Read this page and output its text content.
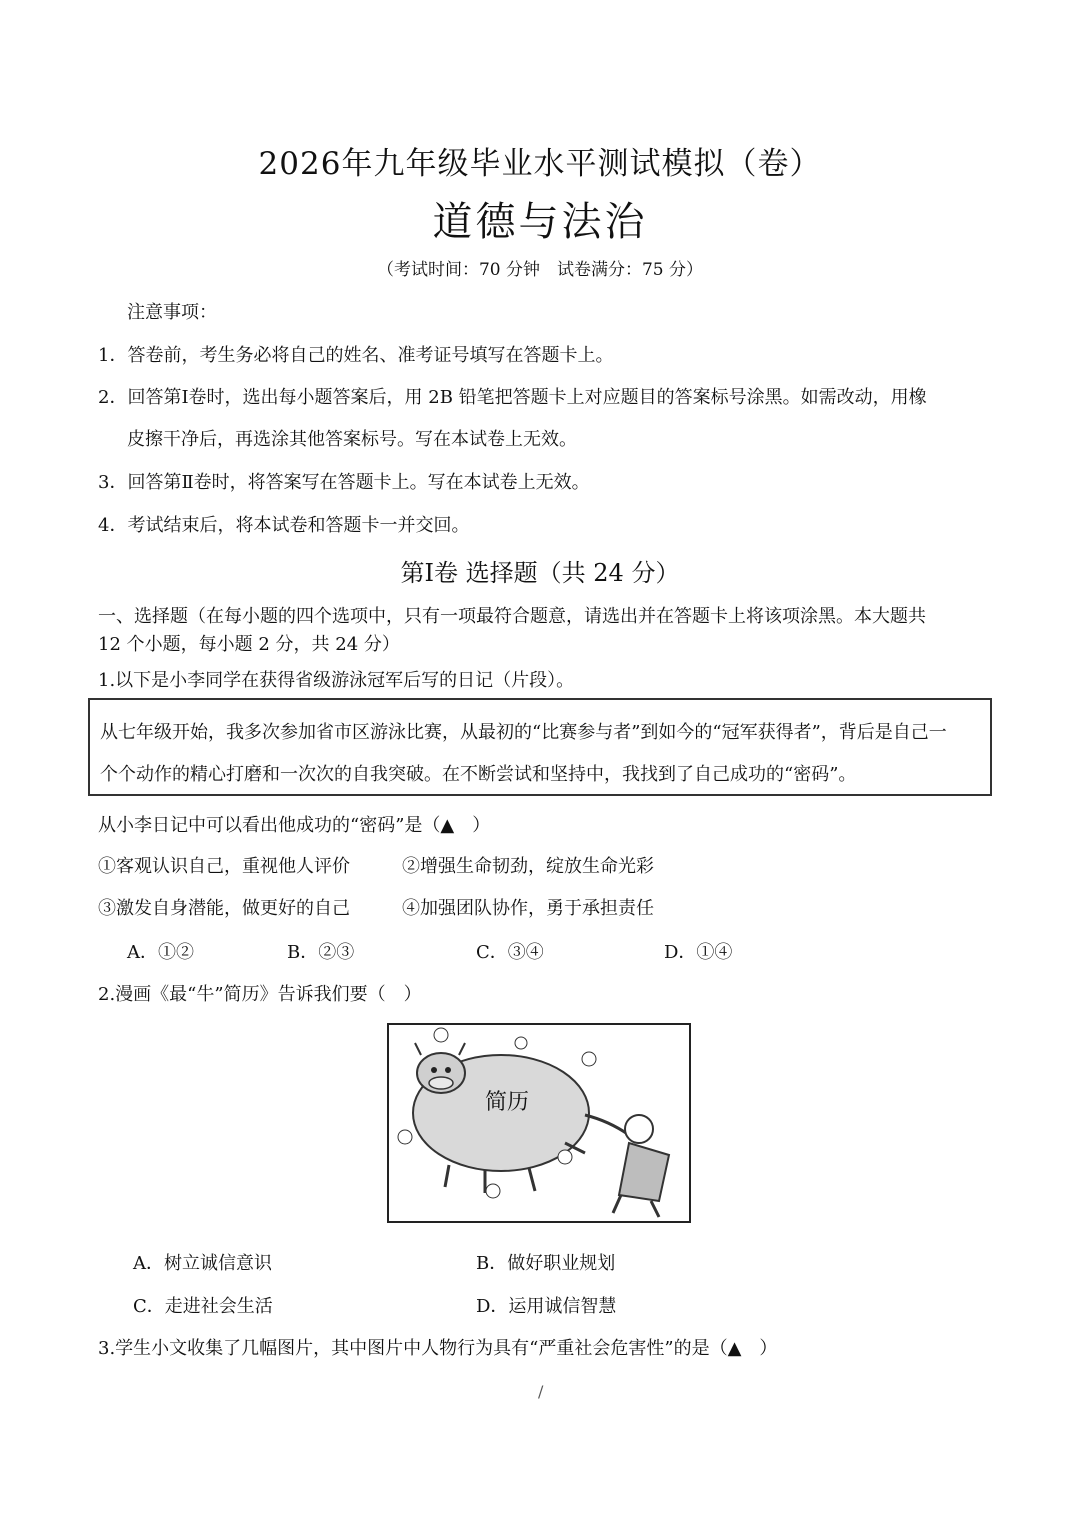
2026年九年级毕业水平测试模拟（卷）
道德与法治
（考试时间：70 分钟　试卷满分：75 分）
注意事项：
1．答卷前，考生务必将自己的姓名、准考证号填写在答题卡上。
2．回答第Ⅰ卷时，选出每小题答案后，用 2B 铅笔把答题卡上对应题目的答案标号涂黑。如需改动，用橡
皮擦干净后，再选涂其他答案标号。写在本试卷上无效。
3．回答第Ⅱ卷时，将答案写在答题卡上。写在本试卷上无效。
4．考试结束后，将本试卷和答题卡一并交回。
第Ⅰ卷 选择题（共 24 分）
一、选择题（在每小题的四个选项中，只有一项最符合题意，请选出并在答题卡上将该项涂黑。本大题共
12 个小题，每小题 2 分，共 24 分）
1.以下是小李同学在获得省级游泳冠军后写的日记（片段）。
从七年级开始，我多次参加省市区游泳比赛，从最初的“比赛参与者”到如今的“冠军获得者”，背后是自己一
个个动作的精心打磨和一次次的自我突破。在不断尝试和坚持中，我找到了自己成功的“密码”。
从小李日记中可以看出他成功的“密码”是（▲　）
①客观认识自己，重视他人评价	②增强生命韧劲，绽放生命光彩
③激发自身潜能，做更好的自己	④加强团队协作，勇于承担责任
A．①②	B．②③	C．③④	D．①④
2.漫画《最“牛”简历》告诉我们要（　）
简历
A．树立诚信意识	B．做好职业规划
C．走进社会生活	D．运用诚信智慧
3.学生小文收集了几幅图片，其中图片中人物行为具有“严重社会危害性”的是（▲　）
/
